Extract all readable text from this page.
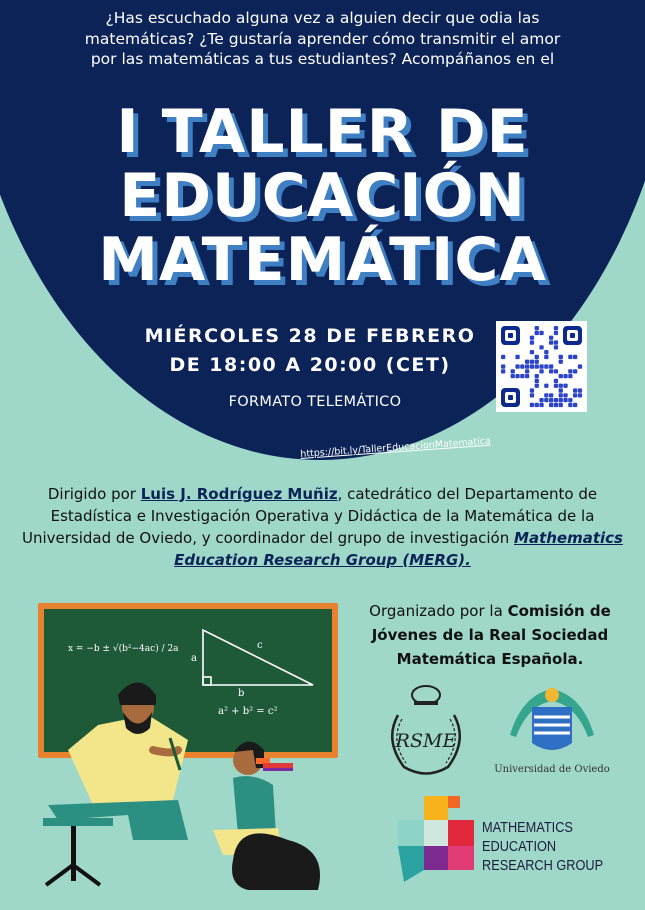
¿Has escuchado alguna vez a alguien decir que odia las
matemáticas? ¿Te gustaría aprender cómo transmitir el amor
por las matemáticas a tus estudiantes? Acompáñanos en el
I TALLER DE
EDUCACIÓN
MATEMÁTICA
MIÉRCOLES 28 DE FEBRERO
DE 18:00 A 20:00 (CET)
FORMATO TELEMÁTICO
https://bit.ly/TallerEducacionMatematica
Dirigido por Luis J. Rodríguez Muñiz, catedrático del Departamento de Estadística e Investigación Operativa y Didáctica de la Matemática de la Universidad de Oviedo, y coordinador del grupo de investigación Mathematics Education Research Group (MERG).
x = −b ± √(b²−4ac) / 2a
a
c
b
a² + b² = c²
Organizado por la Comisión de Jóvenes de la Real Sociedad Matemática Española.
RSME
Universidad de Oviedo
MATHEMATICS
EDUCATION
RESEARCH GROUP
